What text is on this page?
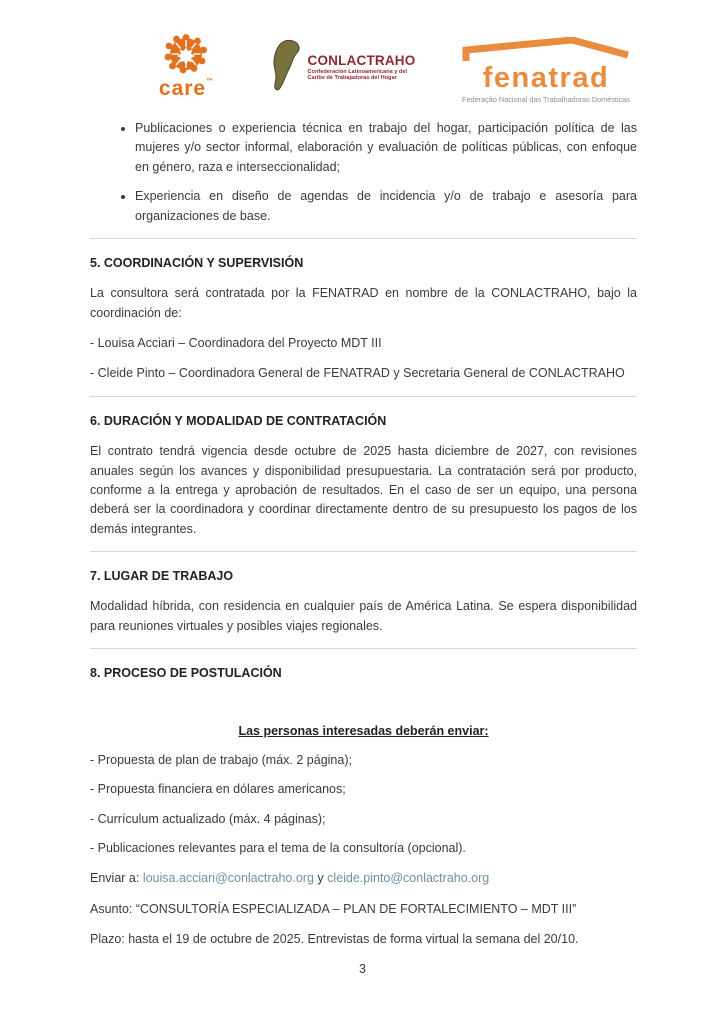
care™
CONLACTRAHO
Confederación Latinoamericana y del
Caribe de Trabajadoras del Hogar	fenatrad
Federação Nacional das Trabalhadoras Domésticas
• Publicaciones o experiencia técnica en trabajo del hogar, participación política de las mujeres y/o sector informal, elaboración y evaluación de políticas públicas, con enfoque en género, raza e interseccionalidad;
• Experiencia en diseño de agendas de incidencia y/o de trabajo e asesoría para organizaciones de base.
5. COORDINACIÓN Y SUPERVISIÓN

La consultora será contratada por la FENATRAD en nombre de la CONLACTRAHO, bajo la coordinación de:

- Louisa Acciari – Coordinadora del Proyecto MDT III

- Cleide Pinto – Coordinadora General de FENATRAD y Secretaria General de CONLACTRAHO

6. DURACIÓN Y MODALIDAD DE CONTRATACIÓN

El contrato tendrá vigencia desde octubre de 2025 hasta diciembre de 2027, con revisiones anuales según los avances y disponibilidad presupuestaria. La contratación será por producto, conforme a la entrega y aprobación de resultados. En el caso de ser un equipo, una persona deberá ser la coordinadora y coordinar directamente dentro de su presupuesto los pagos de los demás integrantes.

7. LUGAR DE TRABAJO

Modalidad híbrida, con residencia en cualquier país de América Latina. Se espera disponibilidad para reuniones virtuales y posibles viajes regionales.

8. PROCESO DE POSTULACIÓN

Las personas interesadas deberán enviar:

- Propuesta de plan de trabajo (máx. 2 página);

- Propuesta financiera en dólares americanos;

- Currículum actualizado (máx. 4 páginas);

- Publicaciones relevantes para el tema de la consultoría (opcional).

Enviar a: louisa.acciari@conlactraho.org y cleide.pinto@conlactraho.org

Asunto: “CONSULTORÍA ESPECIALIZADA – PLAN DE FORTALECIMIENTO – MDT III”

Plazo: hasta el 19 de octubre de 2025. Entrevistas de forma virtual la semana del 20/10.

3
